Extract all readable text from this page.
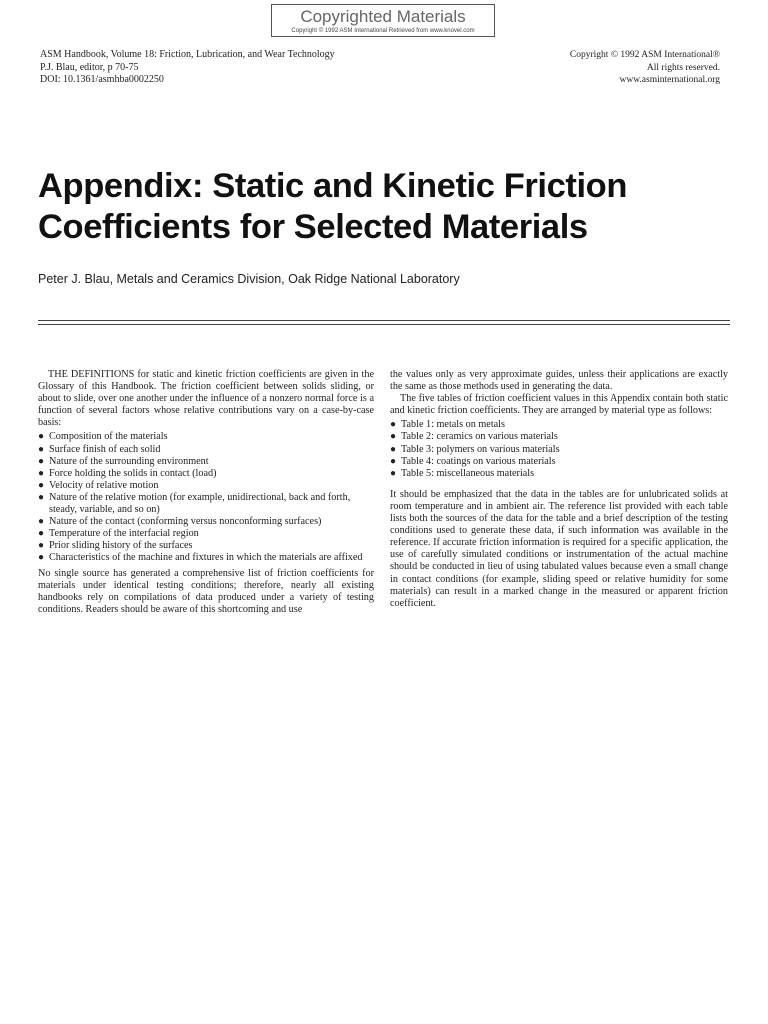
Copyrighted Materials
Copyright © 1992 ASM International Retrieved from www.knovel.com
ASM Handbook, Volume 18: Friction, Lubrication, and Wear Technology
P.J. Blau, editor, p 70-75
DOI: 10.1361/asmhba0002250
Copyright © 1992 ASM International®
All rights reserved.
www.asminternational.org
Appendix: Static and Kinetic Friction Coefficients for Selected Materials
Peter J. Blau, Metals and Ceramics Division, Oak Ridge National Laboratory

THE DEFINITIONS for static and kinetic friction coefficients are given in the Glossary of this Handbook. The friction coefficient between solids sliding, or about to slide, over one another under the influence of a nonzero normal force is a function of several factors whose relative contributions vary on a case-by-case basis:

● Composition of the materials
● Surface finish of each solid
● Nature of the surrounding environment
● Force holding the solids in contact (load)
● Velocity of relative motion
● Nature of the relative motion (for example, unidirectional, back and forth, steady, variable, and so on)
● Nature of the contact (conforming versus nonconforming surfaces)
● Temperature of the interfacial region
● Prior sliding history of the surfaces
● Characteristics of the machine and fixtures in which the materials are affixed

No single source has generated a comprehensive list of friction coefficients for materials under identical testing conditions; therefore, nearly all existing handbooks rely on compilations of data produced under a variety of testing conditions. Readers should be aware of this shortcoming and use

the values only as very approximate guides, unless their applications are exactly the same as those methods used in generating the data.

The five tables of friction coefficient values in this Appendix contain both static and kinetic friction coefficients. They are arranged by material type as follows:

● Table 1: metals on metals
● Table 2: ceramics on various materials
● Table 3: polymers on various materials
● Table 4: coatings on various materials
● Table 5: miscellaneous materials

It should be emphasized that the data in the tables are for unlubricated solids at room temperature and in ambient air. The reference list provided with each table lists both the sources of the data for the table and a brief description of the testing conditions used to generate these data, if such information was available in the reference. If accurate friction information is required for a specific application, the use of carefully simulated conditions or instrumentation of the actual machine should be conducted in lieu of using tabulated values because even a small change in contact conditions (for example, sliding speed or relative humidity for some materials) can result in a marked change in the measured or apparent friction coefficient.
